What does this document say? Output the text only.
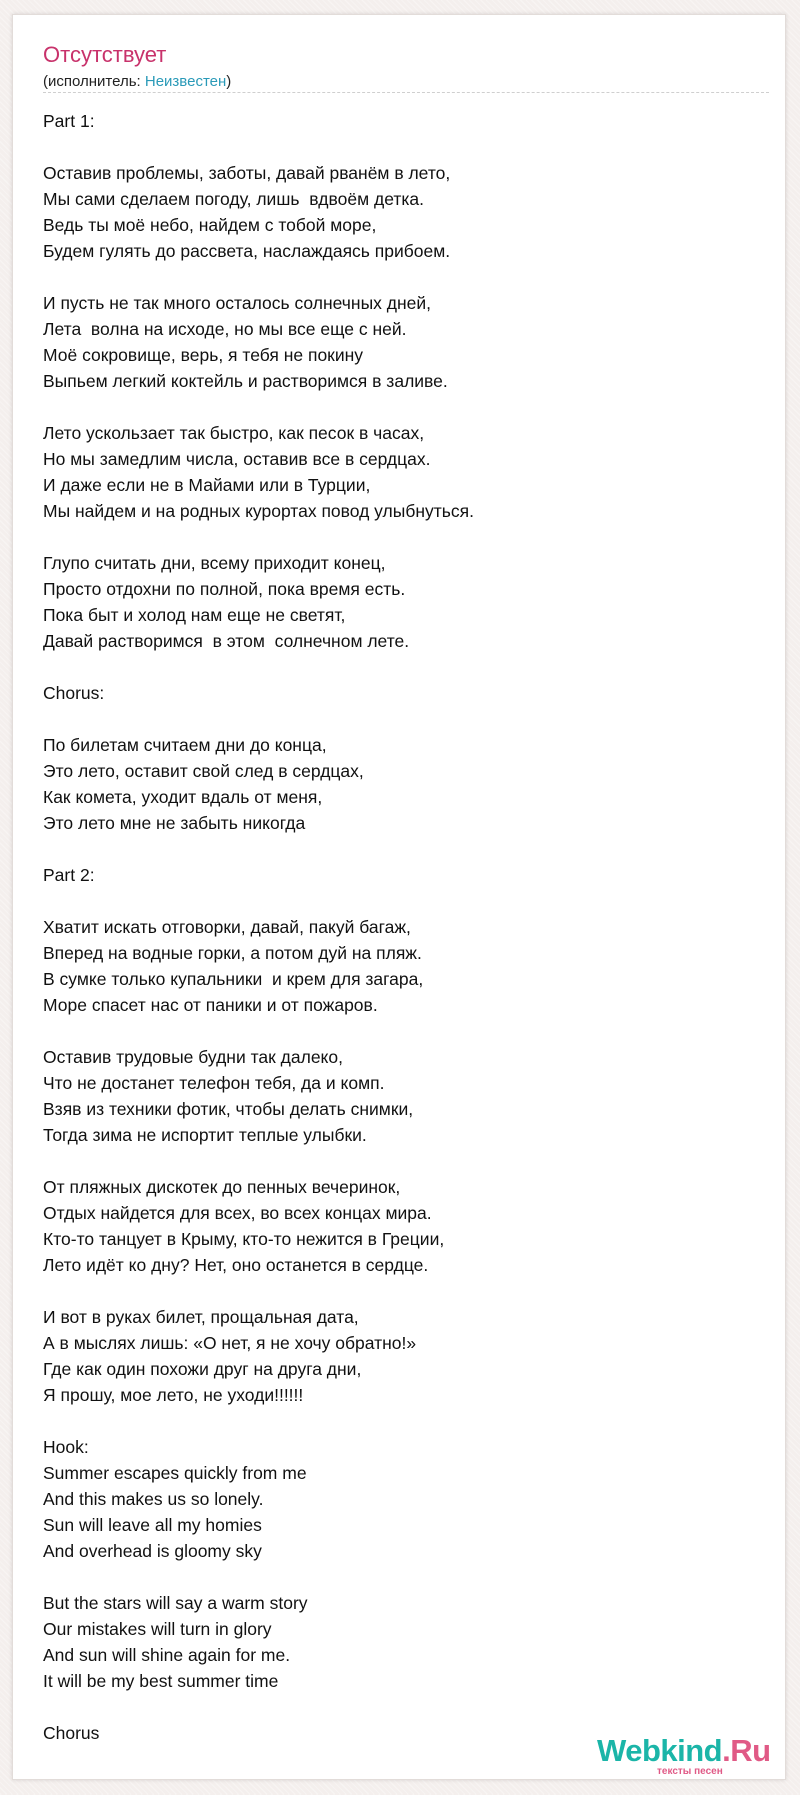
Отсутствует
(исполнитель: Неизвестен)
Part 1:
Оставив проблемы, заботы, давай рванём в лето,
Мы сами сделаем погоду, лишь  вдвоём детка.
Ведь ты моё небо, найдем с тобой море,
Будем гулять до рассвета, наслаждаясь прибоем.
И пусть не так много осталось солнечных дней,
Лета  волна на исходе, но мы все еще с ней.
Моё сокровище, верь, я тебя не покину
Выпьем легкий коктейль и растворимся в заливе.
Лето ускользает так быстро, как песок в часах,
Но мы замедлим числа, оставив все в сердцах.
И даже если не в Майами или в Турции,
Мы найдем и на родных курортах повод улыбнуться.
Глупо считать дни, всему приходит конец,
Просто отдохни по полной, пока время есть.
Пока быт и холод нам еще не светят,
Давай растворимся  в этом  солнечном лете.
Chorus:
По билетам считаем дни до конца,
Это лето, оставит свой след в сердцах,
Как комета, уходит вдаль от меня,
Это лето мне не забыть никогда
Part 2:
Хватит искать отговорки, давай, пакуй багаж,
Вперед на водные горки, а потом дуй на пляж.
В сумке только купальники  и крем для загара,
Море спасет нас от паники и от пожаров.
Оставив трудовые будни так далеко,
Что не достанет телефон тебя, да и комп.
Взяв из техники фотик, чтобы делать снимки,
Тогда зима не испортит теплые улыбки.
От пляжных дискотек до пенных вечеринок,
Отдых найдется для всех, во всех концах мира.
Кто-то танцует в Крыму, кто-то нежится в Греции,
Лето идёт ко дну? Нет, оно останется в сердце.
И вот в руках билет, прощальная дата,
А в мыслях лишь: «О нет, я не хочу обратно!»
Где как один похожи друг на друга дни,
Я прошу, мое лето, не уходи!!!!!!
Hook:
Summer escapes quickly from me
And this makes us so lonely.
Sun will leave all my homies
And overhead is gloomy sky
But the stars will say a warm story
Our mistakes will turn in glory
And sun will shine again for me.
It will be my best summer time
Chorus	Webkind.Ru
тексты песен
